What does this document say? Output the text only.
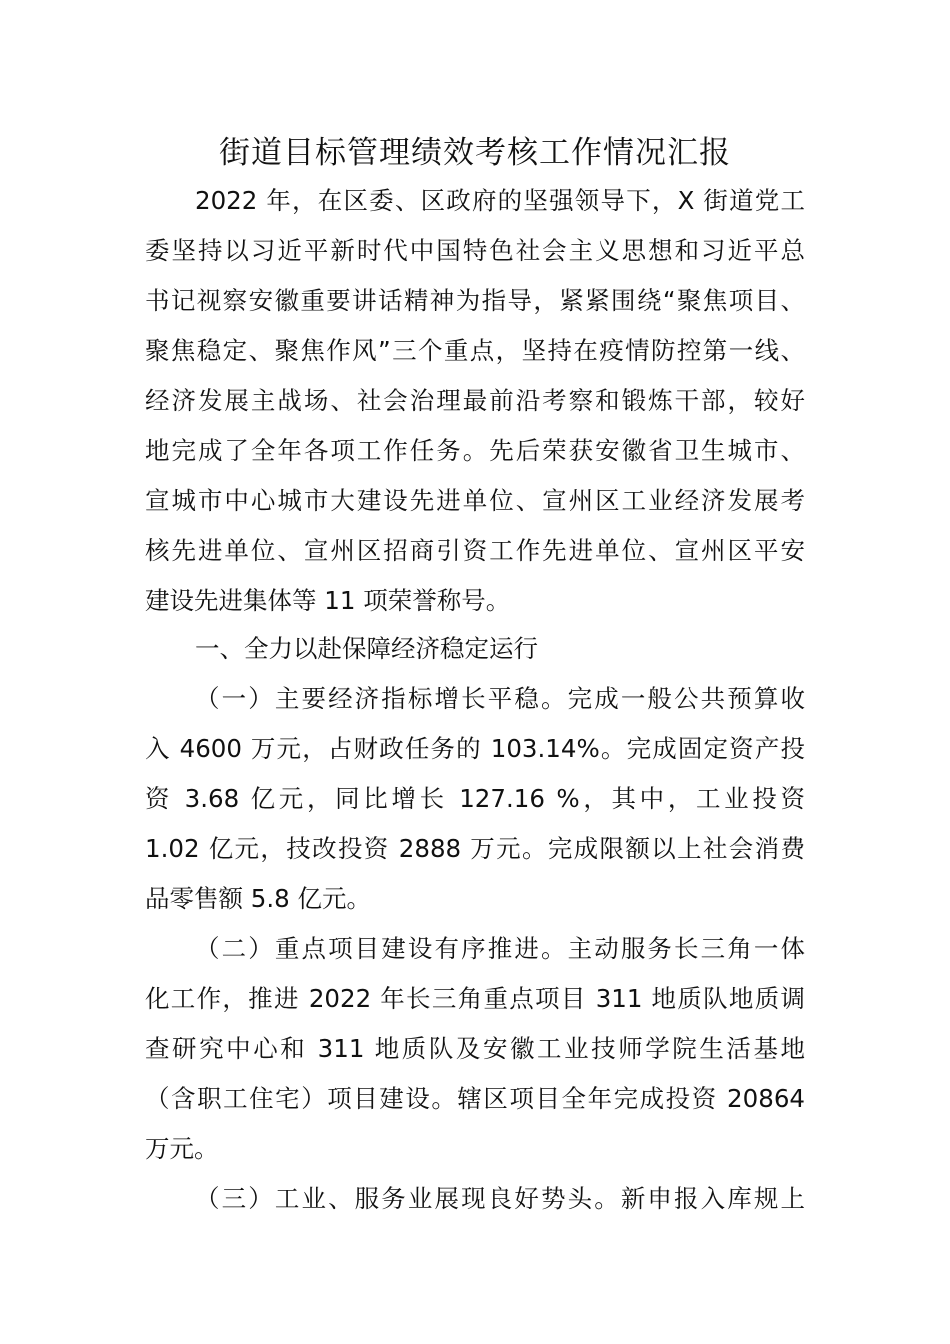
街道目标管理绩效考核工作情况汇报

2022 年，在区委、区政府的坚强领导下，X 街道党工

委坚持以习近平新时代中国特色社会主义思想和习近平总

书记视察安徽重要讲话精神为指导，紧紧围绕“聚焦项目、

聚焦稳定、聚焦作风”三个重点，坚持在疫情防控第一线、

经济发展主战场、社会治理最前沿考察和锻炼干部，较好

地完成了全年各项工作任务。先后荣获安徽省卫生城市、

宣城市中心城市大建设先进单位、宣州区工业经济发展考

核先进单位、宣州区招商引资工作先进单位、宣州区平安

建设先进集体等 11 项荣誉称号。

一、全力以赴保障经济稳定运行

（一）主要经济指标增长平稳。完成一般公共预算收

入 4600 万元，占财政任务的 103.14%。完成固定资产投

资 3.68 亿元，同比增长 127.16 %，其中，工业投资

1.02 亿元，技改投资 2888 万元。完成限额以上社会消费

品零售额 5.8 亿元。

（二）重点项目建设有序推进。主动服务长三角一体

化工作，推进 2022 年长三角重点项目 311 地质队地质调

查研究中心和 311 地质队及安徽工业技师学院生活基地

（含职工住宅）项目建设。辖区项目全年完成投资 20864

万元。

（三）工业、服务业展现良好势头。新申报入库规上
